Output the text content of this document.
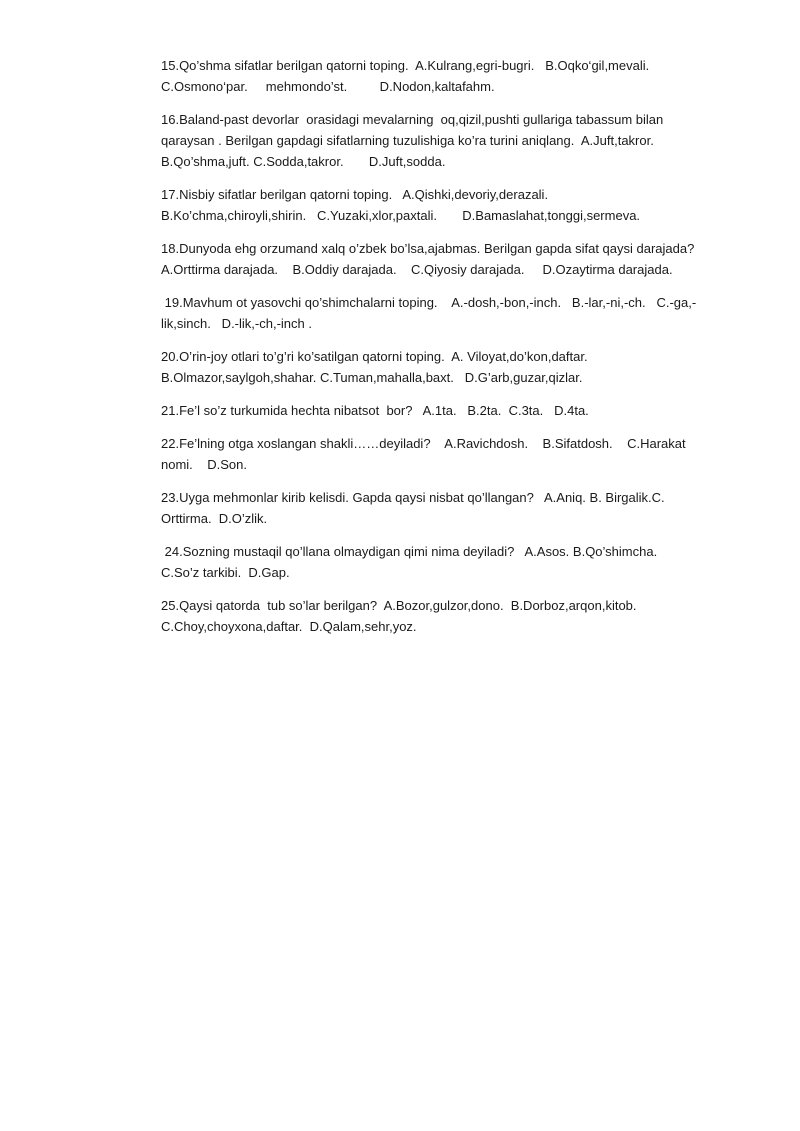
15.Qo’shma sifatlar berilgan qatorni toping.  A.Kulrang,egri-bugri.   B.Oqko‘gil,mevali.   C.Osmono‘par.     mehmondo’st.         D.Nodon,kaltafahm.

16.Baland-past devorlar  orasidagi mevalarning  oq,qizil,pushti gullariga tabassum bilan qaraysan . Berilgan gapdagi sifatlarning tuzulishiga ko’ra turini aniqlang.  A.Juft,takror.   B.Qo’shma,juft. C.Sodda,takror.       D.Juft,sodda.

17.Nisbiy sifatlar berilgan qatorni toping.   A.Qishki,devoriy,derazali.   B.Ko’chma,chiroyli,shirin.   C.Yuzaki,xlor,paxtali.       D.Bamaslahat,tonggi,sermeva.

18.Dunyoda ehg orzumand xalq o’zbek bo’lsa,ajabmas. Berilgan gapda sifat qaysi darajada?  A.Orttirma darajada.    B.Oddiy darajada.    C.Qiyosiy darajada.     D.Ozaytirma darajada.

19.Mavhum ot yasovchi qo’shimchalarni toping.    A.-dosh,-bon,-inch.   B.-lar,-ni,-ch.   C.-ga,-lik,sinch.   D.-lik,-ch,-inch .

20.O’rin-joy otlari to’g’ri ko’satilgan qatorni toping.  A. Viloyat,do’kon,daftar.   B.Olmazor,saylgoh,shahar. C.Tuman,mahalla,baxt.   D.G’arb,guzar,qizlar.

21.Fe’l so’z turkumida hechta nibatsot  bor?   A.1ta.   B.2ta.  C.3ta.   D.4ta.

22.Fe’lning otga xoslangan shakli……deyiladi?    A.Ravichdosh.    B.Sifatdosh.    C.Harakat nomi.    D.Son.

23.Uyga mehmonlar kirib kelisdi. Gapda qaysi nisbat qo’llangan?   A.Aniq. B. Birgalik.C. Orttirma.  D.O’zlik.

24.Sozning mustaqil qo’llana olmaydigan qimi nima deyiladi?   A.Asos. B.Qo’shimcha.   C.So’z tarkibi.  D.Gap.

25.Qaysi qatorda  tub so’lar berilgan?  A.Bozor,gulzor,dono.  B.Dorboz,arqon,kitob.   C.Choy,choyxona,daftar.  D.Qalam,sehr,yoz.
